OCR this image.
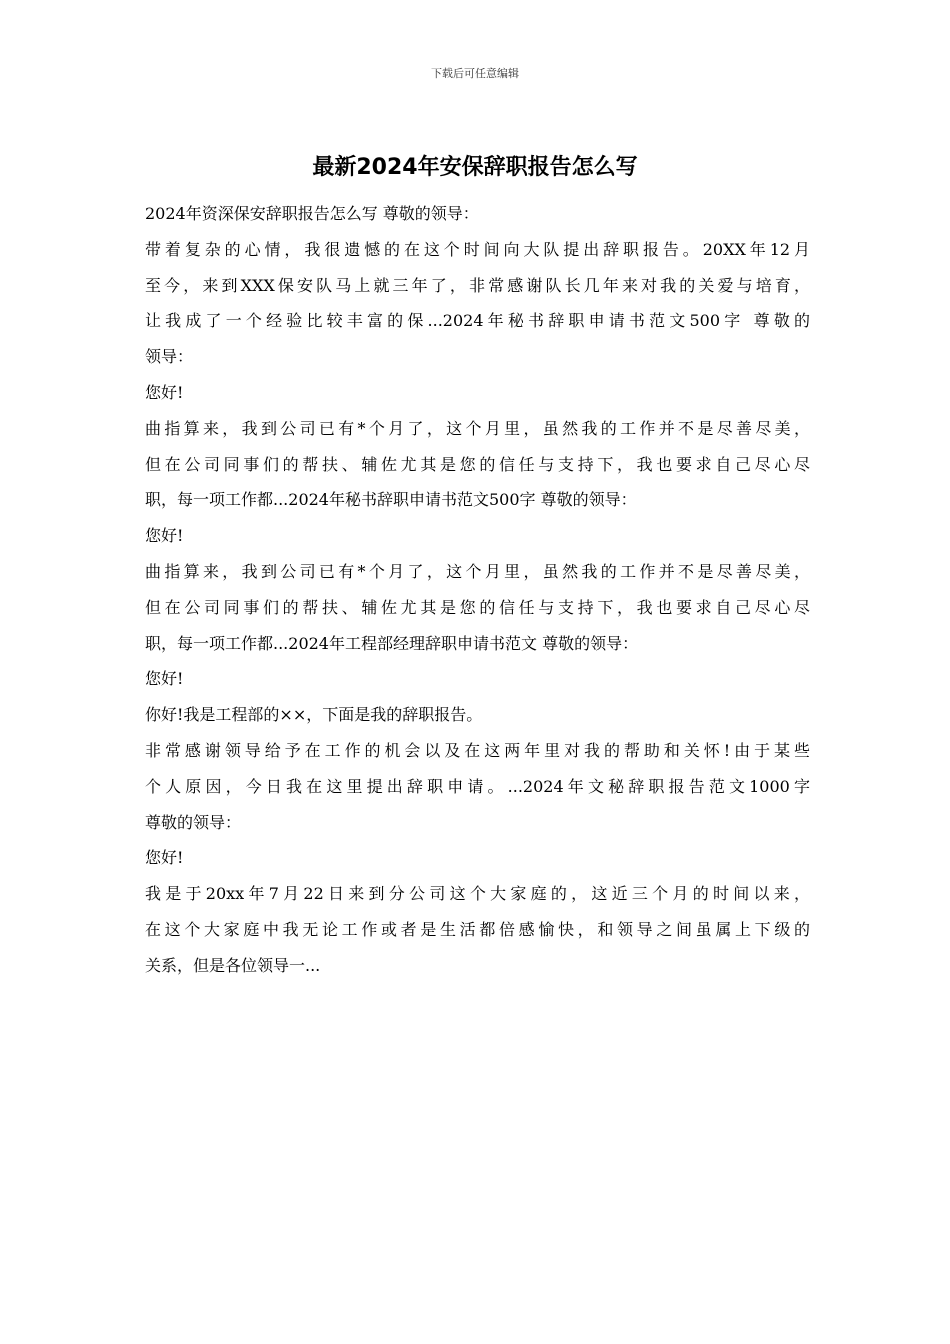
下载后可任意编辑
最新2024年安保辞职报告怎么写
2024年资深保安辞职报告怎么写 尊敬的领导：
带着复杂的心情，我很遗憾的在这个时间向大队提出辞职报告。20XX年12月
至今，来到XXX保安队马上就三年了，非常感谢队长几年来对我的关爱与培育，
让我成了一个经验比较丰富的保...2024年秘书辞职申请书范文500字 尊敬的
领导：
您好!
曲指算来，我到公司已有*个月了，这个月里，虽然我的工作并不是尽善尽美，
但在公司同事们的帮扶、辅佐尤其是您的信任与支持下，我也要求自己尽心尽
职，每一项工作都...2024年秘书辞职申请书范文500字 尊敬的领导：
您好!
曲指算来，我到公司已有*个月了，这个月里，虽然我的工作并不是尽善尽美，
但在公司同事们的帮扶、辅佐尤其是您的信任与支持下，我也要求自己尽心尽
职，每一项工作都...2024年工程部经理辞职申请书范文 尊敬的领导：
您好!
你好!我是工程部的××，下面是我的辞职报告。
非常感谢领导给予在工作的机会以及在这两年里对我的帮助和关怀!由于某些
个人原因，今日我在这里提出辞职申请。...2024年文秘辞职报告范文1000字
尊敬的领导：
您好!
我是于20xx年7月22日来到分公司这个大家庭的，这近三个月的时间以来，
在这个大家庭中我无论工作或者是生活都倍感愉快，和领导之间虽属上下级的
关系，但是各位领导一...
